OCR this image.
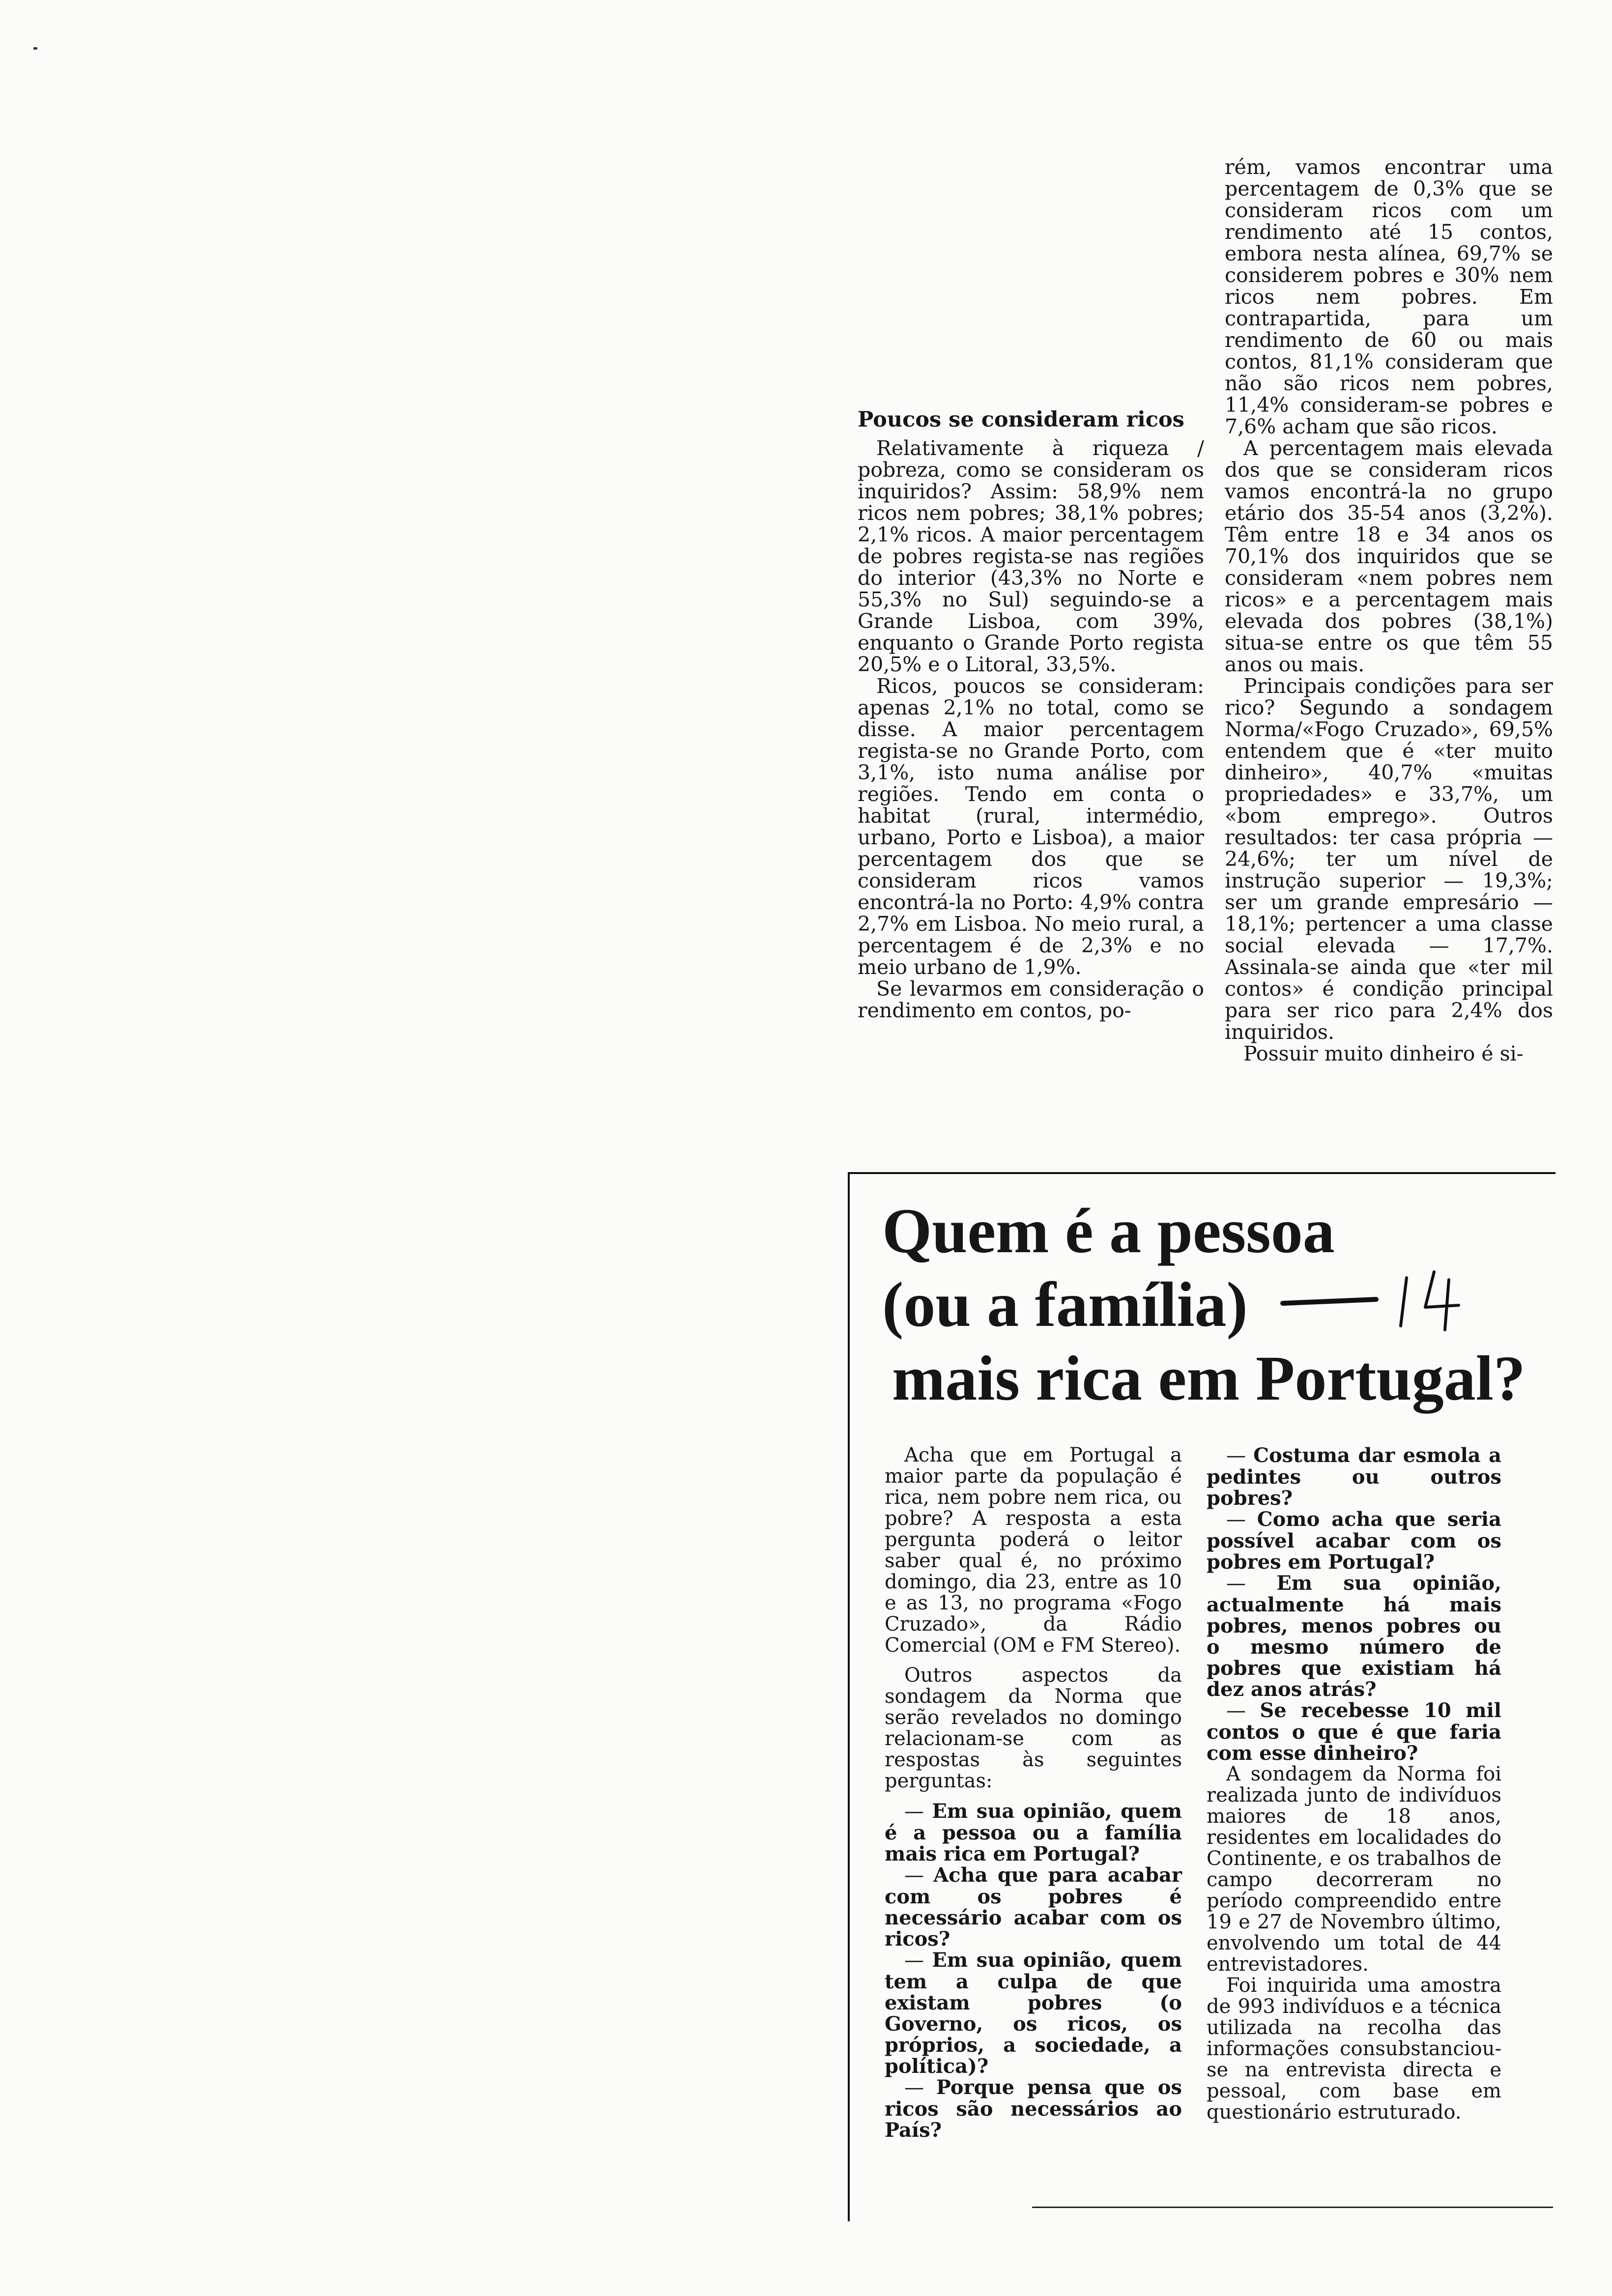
Poucos se consideram ricos

Relativamente à riqueza / pobreza, como se consideram os inquiridos? Assim: 58,9% nem ricos nem pobres; 38,1% pobres; 2,1% ricos. A maior percentagem de pobres regista-se nas regiões do interior (43,3% no Norte e 55,3% no Sul) seguindo-se a Grande Lisboa, com 39%, enquanto o Grande Porto regista 20,5% e o Litoral, 33,5%.

Ricos, poucos se consideram: apenas 2,1% no total, como se disse. A maior percentagem regista-se no Grande Porto, com 3,1%, isto numa análise por regiões. Tendo em conta o habitat (rural, intermédio, urbano, Porto e Lisboa), a maior percentagem dos que se consideram ricos vamos encontrá-la no Porto: 4,9% contra 2,7% em Lisboa. No meio rural, a percentagem é de 2,3% e no meio urbano de 1,9%.

Se levarmos em consideração o rendimento em contos, po-

rém, vamos encontrar uma percentagem de 0,3% que se consideram ricos com um rendimento até 15 contos, embora nesta alínea, 69,7% se considerem pobres e 30% nem ricos nem pobres. Em contrapartida, para um rendimento de 60 ou mais contos, 81,1% consideram que não são ricos nem pobres, 11,4% consideram-se pobres e 7,6% acham que são ricos.

A percentagem mais elevada dos que se consideram ricos vamos encontrá-la no grupo etário dos 35-54 anos (3,2%). Têm entre 18 e 34 anos os 70,1% dos inquiridos que se consideram «nem pobres nem ricos» e a percentagem mais elevada dos pobres (38,1%) situa-se entre os que têm 55 anos ou mais.

Principais condições para ser rico? Segundo a sondagem Norma/«Fogo Cruzado», 69,5% entendem que é «ter muito dinheiro», 40,7% «muitas propriedades» e 33,7%, um «bom emprego». Outros resultados: ter casa própria — 24,6%; ter um nível de instrução superior — 19,3%; ser um grande empresário — 18,1%; pertencer a uma classe social elevada — 17,7%. Assinala-se ainda que «ter mil contos» é condição principal para ser rico para 2,4% dos inquiridos.

Possuir muito dinheiro é si-

Quem é a pessoa
(ou a família)
mais rica em Portugal?

Acha que em Portugal a maior parte da população é rica, nem pobre nem rica, ou pobre? A resposta a esta pergunta poderá o leitor saber qual é, no próximo domingo, dia 23, entre as 10 e as 13, no programa «Fogo Cruzado», da Rádio Comercial (OM e FM Stereo).

Outros aspectos da sondagem da Norma que serão revelados no domingo relacionam-se com as respostas às seguintes perguntas:

— Em sua opinião, quem é a pessoa ou a família mais rica em Portugal?

— Acha que para acabar com os pobres é necessário acabar com os ricos?

— Em sua opinião, quem tem a culpa de que existam pobres (o Governo, os ricos, os próprios, a sociedade, a política)?

— Porque pensa que os ricos são necessários ao País?

— Costuma dar esmola a pedintes ou outros pobres?

— Como acha que seria possível acabar com os pobres em Portugal?

— Em sua opinião, actualmente há mais pobres, menos pobres ou o mesmo número de pobres que existiam há dez anos atrás?

— Se recebesse 10 mil contos o que é que faria com esse dinheiro?

A sondagem da Norma foi realizada junto de indivíduos maiores de 18 anos, residentes em localidades do Continente, e os trabalhos de campo decorreram no período compreendido entre 19 e 27 de Novembro último, envolvendo um total de 44 entrevistadores.

Foi inquirida uma amostra de 993 indivíduos e a técnica utilizada na recolha das informações consubstanciou-se na entrevista directa e pessoal, com base em questionário estruturado.
